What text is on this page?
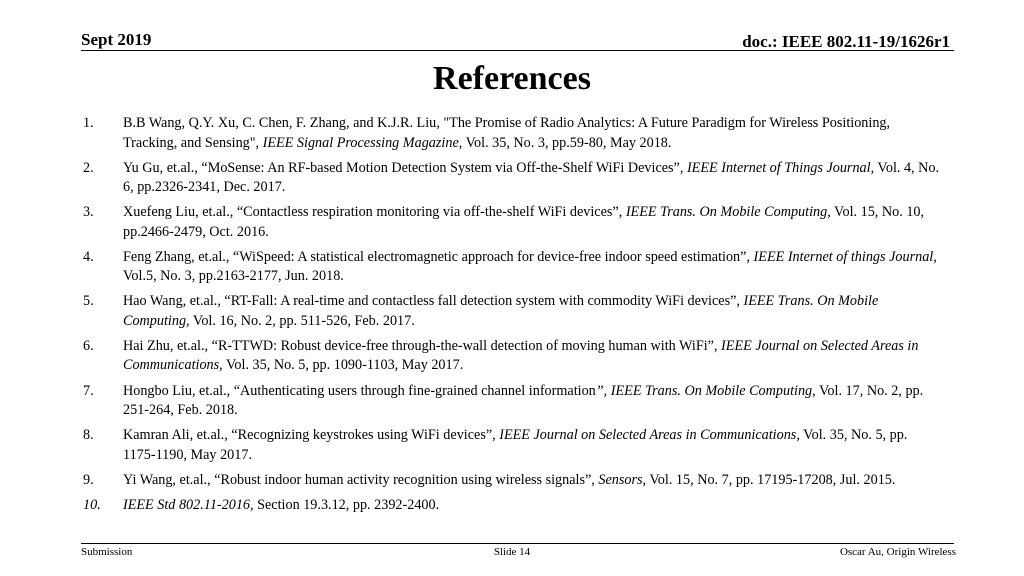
Sept 2019	doc.: IEEE 802.11-19/1626r1
References
1.	B.B Wang, Q.Y. Xu, C. Chen, F. Zhang, and K.J.R. Liu, "The Promise of Radio Analytics: A Future Paradigm for Wireless Positioning, Tracking, and Sensing", IEEE Signal Processing Magazine, Vol. 35, No. 3, pp.59-80, May 2018.
2.	Yu Gu, et.al., “MoSense: An RF-based Motion Detection System via Off-the-Shelf WiFi Devices”, IEEE Internet of Things Journal, Vol. 4, No. 6, pp.2326-2341, Dec. 2017.
3.	Xuefeng Liu, et.al., “Contactless respiration monitoring via off-the-shelf WiFi devices”, IEEE Trans. On Mobile Computing, Vol. 15, No. 10, pp.2466-2479, Oct. 2016.
4.	Feng Zhang, et.al., “WiSpeed: A statistical electromagnetic approach for device-free indoor speed estimation”, IEEE Internet of things Journal, Vol.5, No. 3, pp.2163-2177, Jun. 2018.
5.	Hao Wang, et.al., “RT-Fall: A real-time and contactless fall detection system with commodity WiFi devices”, IEEE Trans. On Mobile Computing, Vol. 16, No. 2, pp. 511-526, Feb. 2017.
6.	Hai Zhu, et.al., “R-TTWD: Robust device-free through-the-wall detection of moving human with WiFi”, IEEE Journal on Selected Areas in Communications, Vol. 35, No. 5, pp. 1090-1103, May 2017.
7.	Hongbo Liu, et.al., “Authenticating users through fine-grained channel information”, IEEE Trans. On Mobile Computing, Vol. 17, No. 2, pp. 251-264, Feb. 2018.
8.	Kamran Ali, et.al., “Recognizing keystrokes using WiFi devices”, IEEE Journal on Selected Areas in Communications, Vol. 35, No. 5, pp. 1175-1190, May 2017.
9.	Yi Wang, et.al., “Robust indoor human activity recognition using wireless signals”, Sensors, Vol. 15, No. 7, pp. 17195-17208, Jul. 2015.
10.	IEEE Std 802.11-2016, Section 19.3.12, pp. 2392-2400.
Submission	Slide 14	Oscar Au, Origin Wireless
